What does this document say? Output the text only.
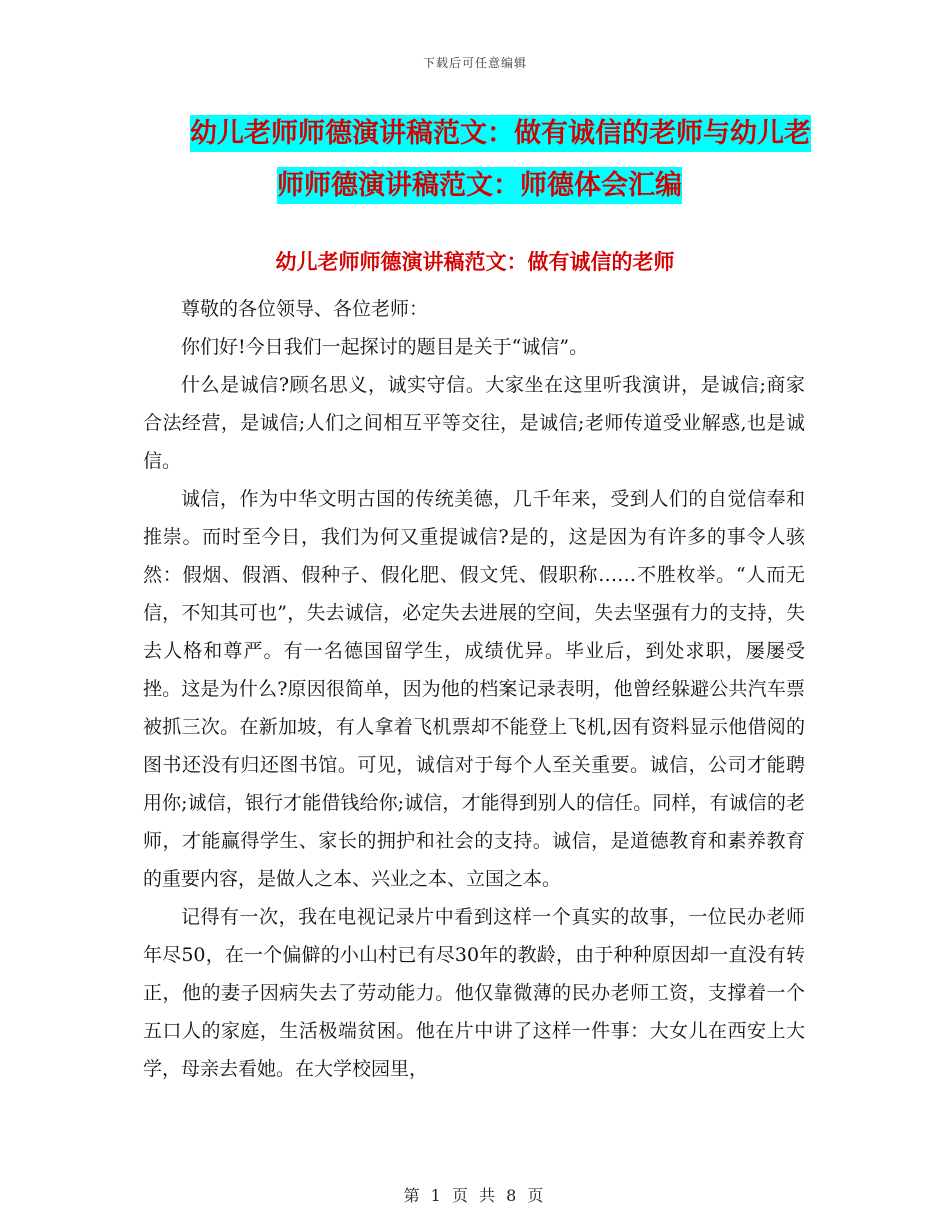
下载后可任意编辑
幼儿老师师德演讲稿范文：做有诚信的老师与幼儿老
师师德演讲稿范文：师德体会汇编
幼儿老师师德演讲稿范文：做有诚信的老师

尊敬的各位领导、各位老师：

你们好!今日我们一起探讨的题目是关于“诚信”。

什么是诚信?顾名思义，诚实守信。大家坐在这里听我演讲，是诚信;商家合法经营，是诚信;人们之间相互平等交往，是诚信;老师传道受业解惑,也是诚信。

诚信，作为中华文明古国的传统美德，几千年来，受到人们的自觉信奉和推崇。而时至今日，我们为何又重提诚信?是的，这是因为有许多的事令人骇然：假烟、假酒、假种子、假化肥、假文凭、假职称……不胜枚举。“人而无信，不知其可也”，失去诚信，必定失去进展的空间，失去坚强有力的支持，失去人格和尊严。有一名德国留学生，成绩优异。毕业后，到处求职，屡屡受挫。这是为什么?原因很简单，因为他的档案记录表明，他曾经躲避公共汽车票被抓三次。在新加坡，有人拿着飞机票却不能登上飞机,因有资料显示他借阅的图书还没有归还图书馆。可见，诚信对于每个人至关重要。诚信，公司才能聘用你;诚信，银行才能借钱给你;诚信，才能得到别人的信任。同样，有诚信的老师，才能赢得学生、家长的拥护和社会的支持。诚信，是道德教育和素养教育的重要内容，是做人之本、兴业之本、立国之本。

记得有一次，我在电视记录片中看到这样一个真实的故事，一位民办老师年尽50，在一个偏僻的小山村已有尽30年的教龄，由于种种原因却一直没有转正，他的妻子因病失去了劳动能力。他仅靠微薄的民办老师工资，支撑着一个五口人的家庭，生活极端贫困。他在片中讲了这样一件事：大女儿在西安上大学，母亲去看她。在大学校园里，

第 1 页 共 8 页
